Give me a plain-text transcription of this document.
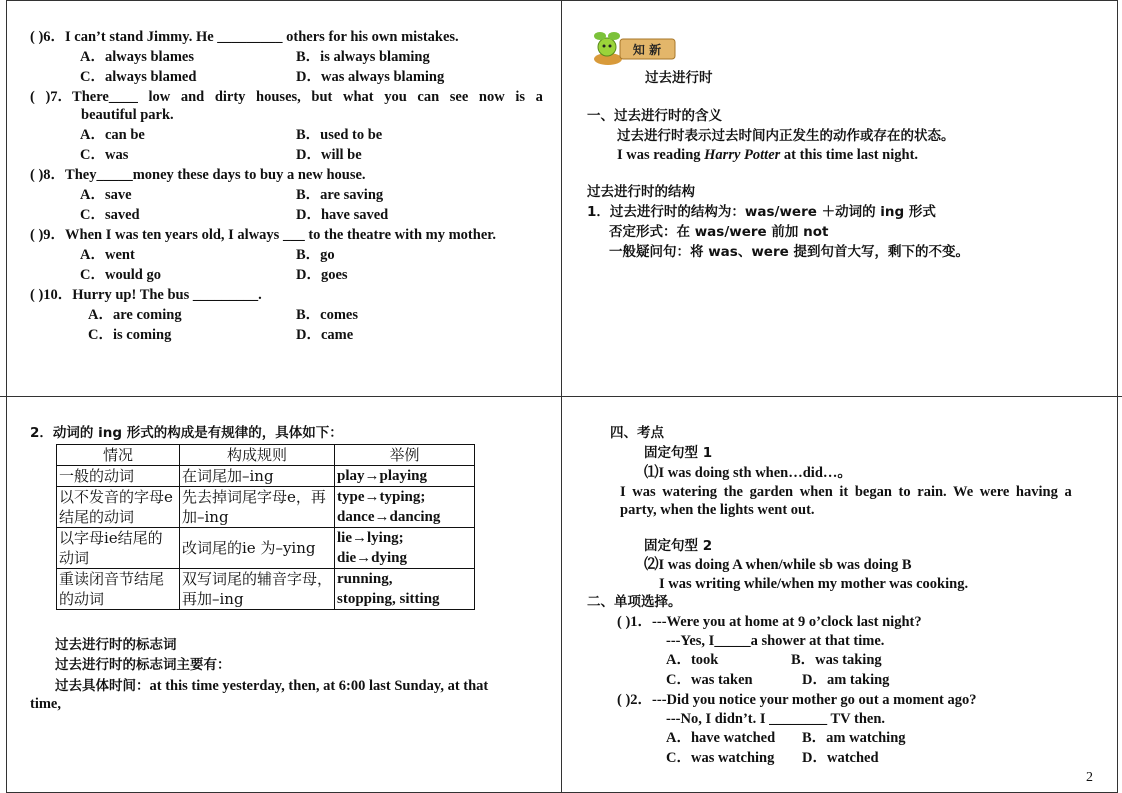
( )6．I can’t stand Jimmy. He _________ others for his own mistakes.
A．always blames	B．is always blaming
C．always blamed	D．was always blaming
( )7．There____ low and dirty houses, but what you can see now is a
beautiful park.
A．can be	B．used to be
C．was	D．will be
( )8．They_____money these days to buy a new house.
A．save	B．are saving
C．saved	D．have saved
( )9．When I was ten years old, I always ___ to the theatre with my mother.
A．went	B．go
C．would go	D．goes
( )10．Hurry up! The bus _________.
A．are coming	B．comes
C．is coming	D．came
知 新
过去进行时
一、过去进行时的含义
过去进行时表示过去时间内正发生的动作或存在的状态。
I was reading Harry Potter at this time last night.
过去进行时的结构
1．过去进行时的结构为：was/were ＋动词的 ing 形式
否定形式：在 was/were 前加 not
一般疑问句：将 was、were 提到句首大写，剩下的不变。
2．动词的 ing 形式的构成是有规律的，具体如下：
情况	构成规则	举例
一般的动词	在词尾加–ing	play→playing
以不发音的字母e 结尾的动词	先去掉词尾字母e，再加–ing	type→typing;
dance→dancing
以字母ie结尾的动词	改词尾的ie 为–ying	lie→lying;
die→dying
重读闭音节结尾的动词	双写词尾的辅音字母，再加–ing	running,
stopping, sitting
过去进行时的标志词
过去进行时的标志词主要有：
过去具体时间：at this time yesterday, then, at 6:00 last Sunday, at that
time,
四、考点
固定句型 1
⑴I was doing sth when…did…。
I was watering the garden when it began to rain. We were having a
party, when the lights went out.
固定句型 2
⑵I was doing A when/while sb was doing B
I was writing while/when my mother was cooking.
二、单项选择。
( )1．---Were you at home at 9 o’clock last night?
---Yes, I_____a shower at that time.
A．took	B．was taking
C．was taken	D．am taking
( )2．---Did you notice your mother go out a moment ago?
---No, I didn’t. I ________ TV then.
A．have watched B．am watching
C．was watching D．watched
2
